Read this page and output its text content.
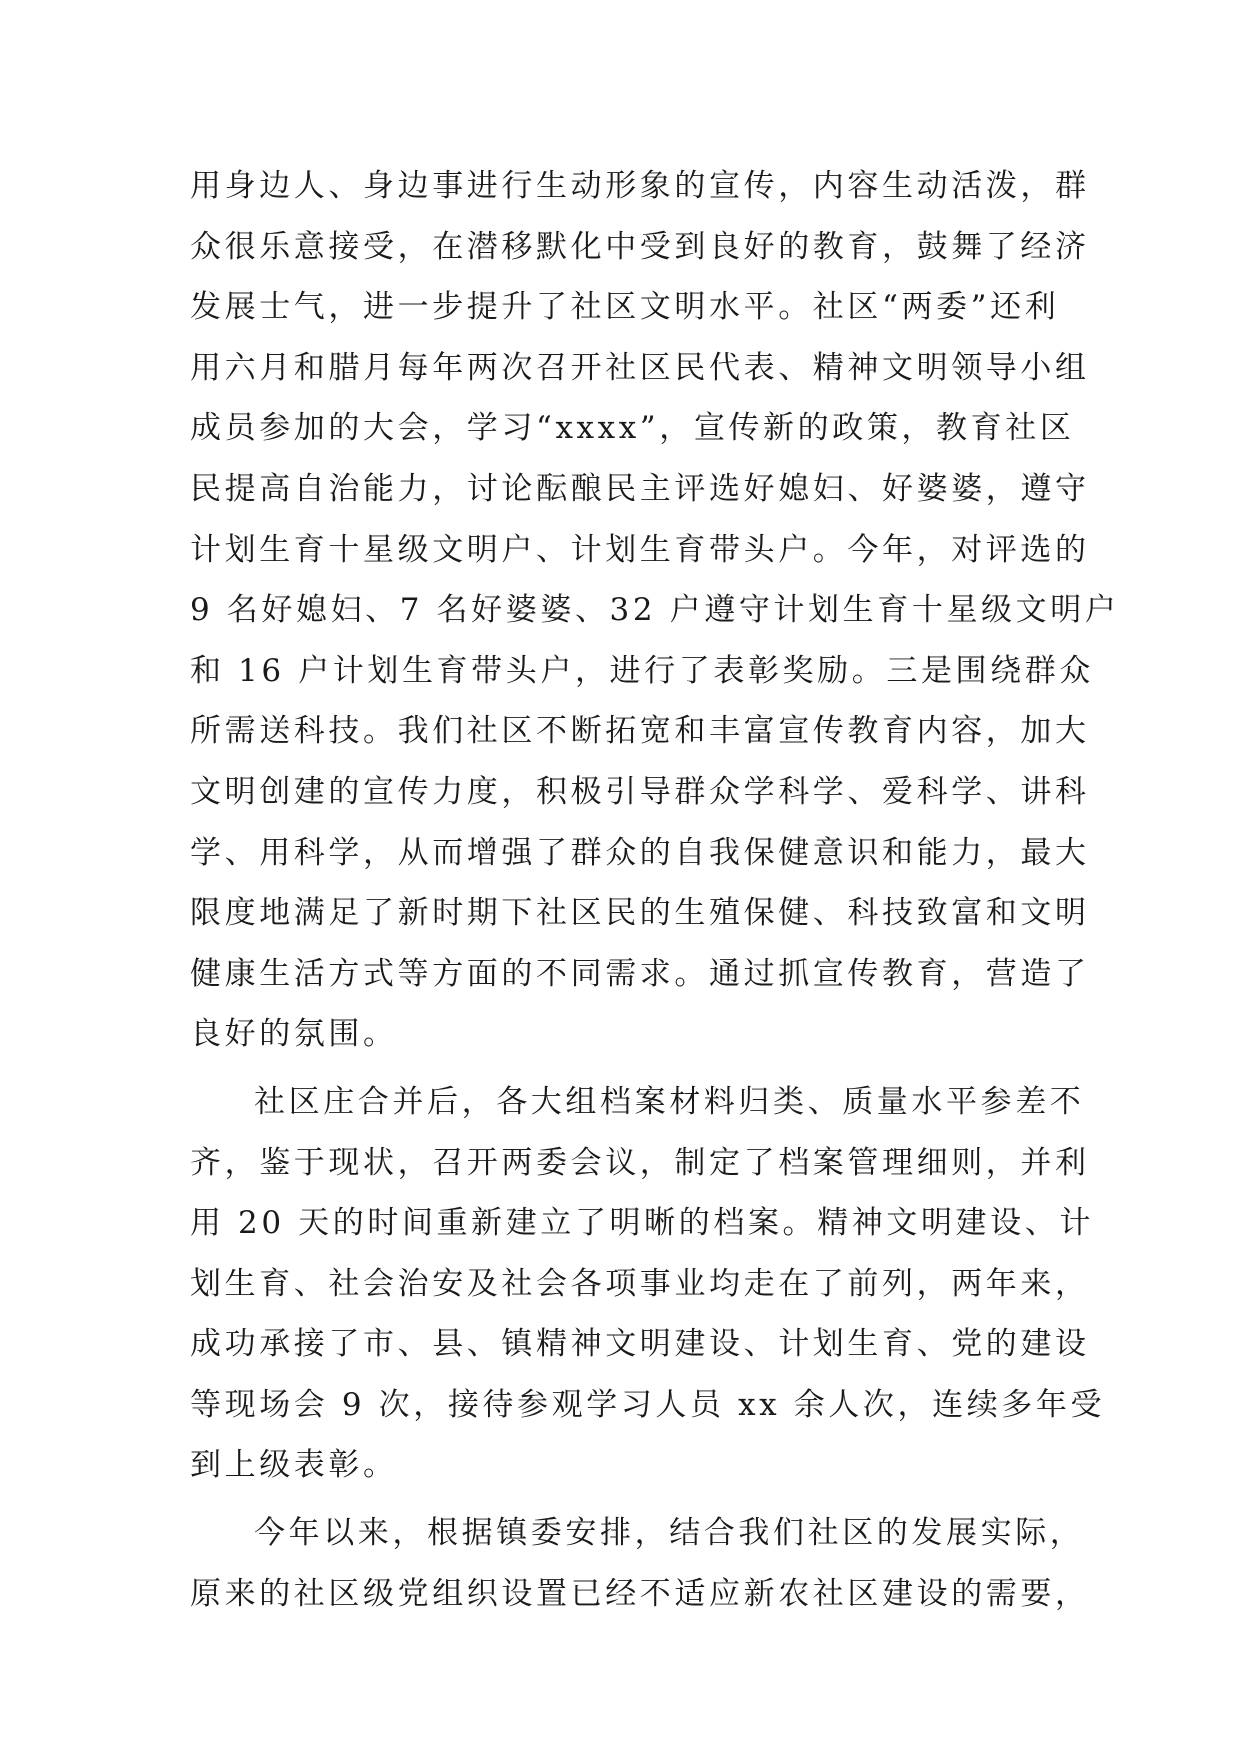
用身边人、身边事进行生动形象的宣传，内容生动活泼，群
众很乐意接受，在潜移默化中受到良好的教育，鼓舞了经济
发展士气，进一步提升了社区文明水平。社区“两委”还利
用六月和腊月每年两次召开社区民代表、精神文明领导小组
成员参加的大会，学习“xxxx”，宣传新的政策，教育社区
民提高自治能力，讨论酝酿民主评选好媳妇、好婆婆，遵守
计划生育十星级文明户、计划生育带头户。今年，对评选的
9 名好媳妇、7 名好婆婆、32 户遵守计划生育十星级文明户
和 16 户计划生育带头户，进行了表彰奖励。三是围绕群众
所需送科技。我们社区不断拓宽和丰富宣传教育内容，加大
文明创建的宣传力度，积极引导群众学科学、爱科学、讲科
学、用科学，从而增强了群众的自我保健意识和能力，最大
限度地满足了新时期下社区民的生殖保健、科技致富和文明
健康生活方式等方面的不同需求。通过抓宣传教育，营造了
良好的氛围。
社区庄合并后，各大组档案材料归类、质量水平参差不
齐，鉴于现状，召开两委会议，制定了档案管理细则，并利
用 20 天的时间重新建立了明晰的档案。精神文明建设、计
划生育、社会治安及社会各项事业均走在了前列，两年来，
成功承接了市、县、镇精神文明建设、计划生育、党的建设
等现场会 9 次，接待参观学习人员 xx 余人次，连续多年受
到上级表彰。
今年以来，根据镇委安排，结合我们社区的发展实际，
原来的社区级党组织设置已经不适应新农社区建设的需要，
